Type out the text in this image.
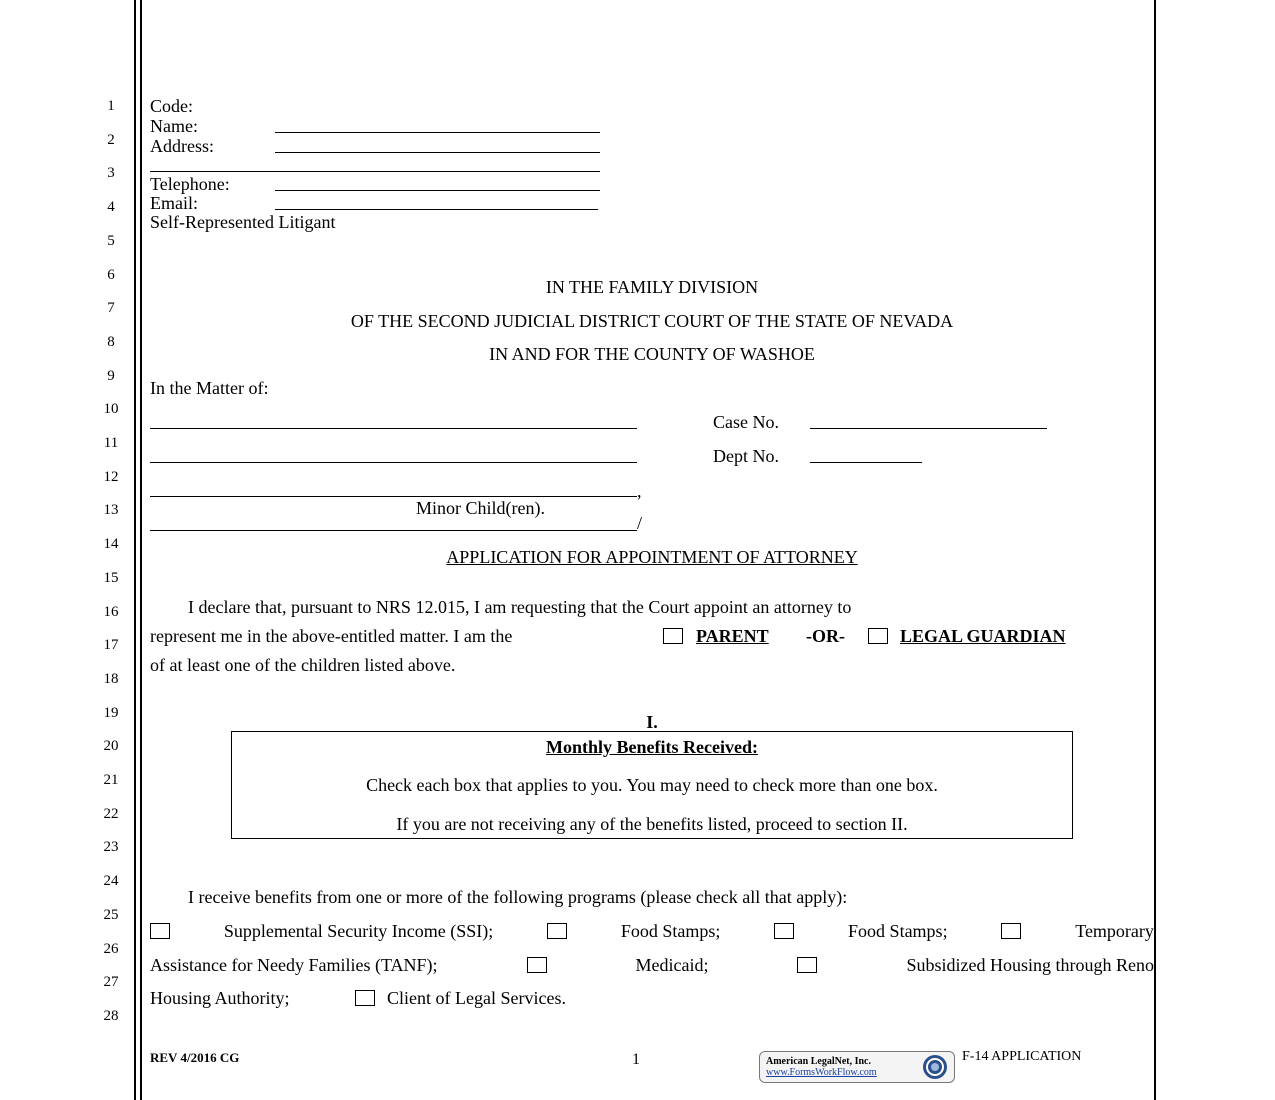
1
2
3
4
5
6
7
8
9
10
11
12
13
14
15
16
17
18
19
20
21
22
23
24
25
26
27
28
Code:
Name:
Address:
Telephone:
Email:
Self-Represented Litigant
IN THE FAMILY DIVISION
OF THE SECOND JUDICIAL DISTRICT COURT OF THE STATE OF NEVADA
IN AND FOR THE COUNTY OF WASHOE
In the Matter of:
Case No.
Dept No.
,
Minor Child(ren).
/
APPLICATION FOR APPOINTMENT OF ATTORNEY
I declare that, pursuant to NRS 12.015, I am requesting that the Court appoint an attorney to
represent me in the above-entitled matter. I am the	PARENT -OR-	LEGAL GUARDIAN
of at least one of the children listed above.
I.
Monthly Benefits Received:
Check each box that applies to you. You may need to check more than one box.
If you are not receiving any of the benefits listed, proceed to section II.
I receive benefits from one or more of the following programs (please check all that apply):
Supplemental Security Income (SSI);	Food Stamps;	Food Stamps;	Temporary
Assistance for Needy Families (TANF);	Medicaid;	Subsidized Housing through Reno
Housing Authority;	Client of Legal Services.
REV 4/2016 CG	1	American LegalNet, Inc.
www.FormsWorkFlow.com
F-14 APPLICATION
